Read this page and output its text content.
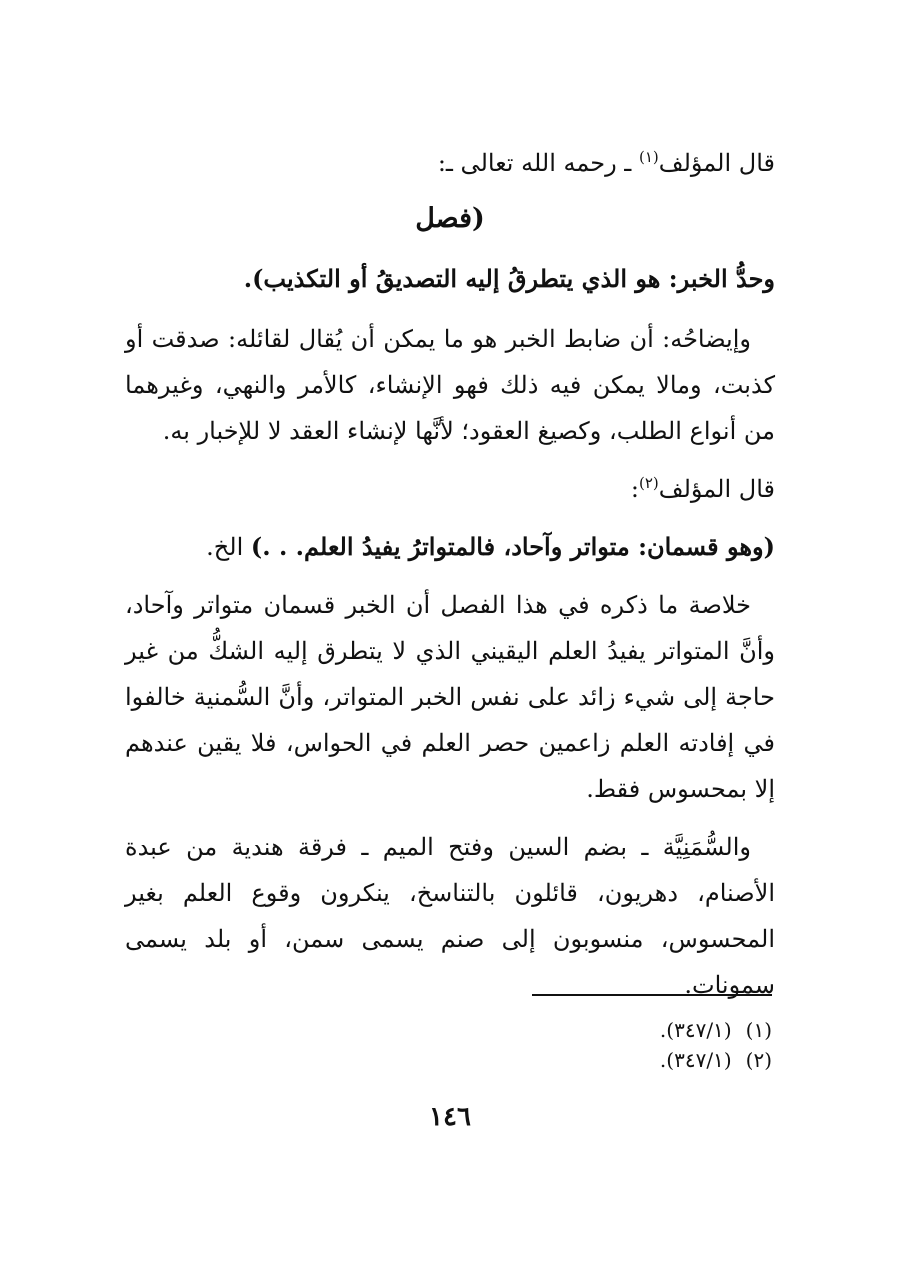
قال المؤلف$^{(١)}$ ـ رحمه الله تعالى ـ:

(فصل

وحدُّ الخبر: هو الذي يتطرقُ إليه التصديقُ أو التكذيب).

وإيضاحُه: أن ضابط الخبر هو ما يمكن أن يُقال لقائله: صدقت أو كذبت، ومالا يمكن فيه ذلك فهو الإنشاء، كالأمر والنهي، وغيرهما من أنواع الطلب، وكصيغ العقود؛ لأنَّها لإنشاء العقد لا للإخبار به.

قال المؤلف$^{(٢)}$:

(وهو قسمان: متواتر وآحاد، فالمتواترُ يفيدُ العلم. . .) الخ.

خلاصة ما ذكره في هذا الفصل أن الخبر قسمان متواتر وآحاد، وأنَّ المتواتر يفيدُ العلم اليقيني الذي لا يتطرق إليه الشكُّ من غير حاجة إلى شيء زائد على نفس الخبر المتواتر، وأنَّ السُّمنية خالفوا في إفادته العلم زاعمين حصر العلم في الحواس، فلا يقين عندهم إلا بمحسوس فقط.

والسُّمَنِيَّة ـ بضم السين وفتح الميم ـ فرقة هندية من عبدة الأصنام، دهريون، قائلون بالتناسخ، ينكرون وقوع العلم بغير المحسوس، منسوبون إلى صنم يسمى سمن، أو بلد يسمى سمونات.

(١)
(٣٤٧/١).
(٢)
(٣٤٧/١).
١٤٦
